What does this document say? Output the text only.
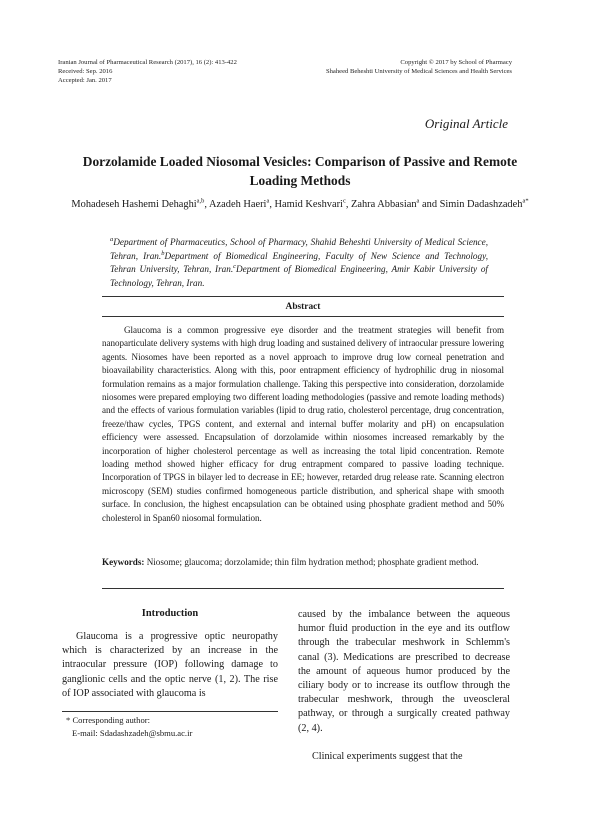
Iranian Journal of Pharmaceutical Research (2017), 16 (2): 413-422
Received: Sep. 2016
Accepted: Jan. 2017
Copyright © 2017 by School of Pharmacy
Shaheed Beheshti University of Medical Sciences and Health Services
Original Article
Dorzolamide Loaded Niosomal Vesicles: Comparison of Passive and Remote Loading Methods
Mohadeseh Hashemi Dehaghi$^{a,b}$, Azadeh Haeri$^a$, Hamid Keshvari$^c$, Zahra Abbasian$^a$ and Simin Dadashzadeh$^{a*}$
$^a$Department of Pharmaceutics, School of Pharmacy, Shahid Beheshti University of Medical Science, Tehran, Iran.$^b$Department of Biomedical Engineering, Faculty of New Science and Technology, Tehran University, Tehran, Iran.$^c$Department of Biomedical Engineering, Amir Kabir University of Technology, Tehran, Iran.
Abstract
Glaucoma is a common progressive eye disorder and the treatment strategies will benefit from nanoparticulate delivery systems with high drug loading and sustained delivery of intraocular pressure lowering agents. Niosomes have been reported as a novel approach to improve drug low corneal penetration and bioavailability characteristics. Along with this, poor entrapment efficiency of hydrophilic drug in niosomal formulation remains as a major formulation challenge. Taking this perspective into consideration, dorzolamide niosomes were prepared employing two different loading methodologies (passive and remote loading methods) and the effects of various formulation variables (lipid to drug ratio, cholesterol percentage, drug concentration, freeze/thaw cycles, TPGS content, and external and internal buffer molarity and pH) on encapsulation efficiency were assessed. Encapsulation of dorzolamide within niosomes increased remarkably by the incorporation of higher cholesterol percentage as well as increasing the total lipid concentration. Remote loading method showed higher efficacy for drug entrapment compared to passive loading technique. Incorporation of TPGS in bilayer led to decrease in EE; however, retarded drug release rate. Scanning electron microscopy (SEM) studies confirmed homogeneous particle distribution, and spherical shape with smooth surface. In conclusion, the highest encapsulation can be obtained using phosphate gradient method and 50% cholesterol in Span60 niosomal formulation.
Keywords: Niosome; glaucoma; dorzolamide; thin film hydration method; phosphate gradient method.
Introduction
Glaucoma is a progressive optic neuropathy which is characterized by an increase in the intraocular pressure (IOP) following damage to ganglionic cells and the optic nerve (1, 2). The rise of IOP associated with glaucoma is
caused by the imbalance between the aqueous humor fluid production in the eye and its outflow through the trabecular meshwork in Schlemm's canal (3). Medications are prescribed to decrease the amount of aqueous humor produced by the ciliary body or to increase its outflow through the trabecular meshwork, through the uveoscleral pathway, or through a surgically created pathway (2, 4).
Clinical experiments suggest that the
* Corresponding author:
E-mail: Sdadashzadeh@sbmu.ac.ir
